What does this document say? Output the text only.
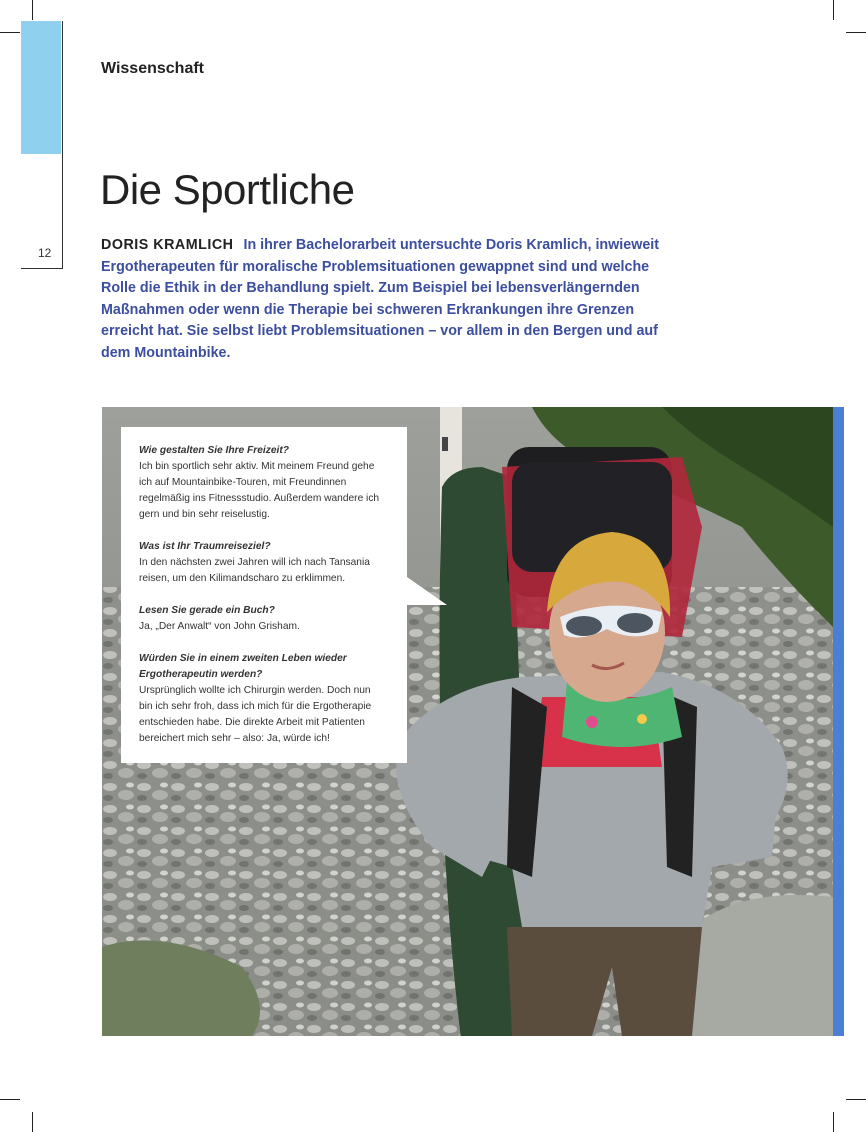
12
Wissenschaft
Die Sportliche
DORIS KRAMLICH In ihrer Bachelorarbeit untersuchte Doris Kramlich, inwieweit Ergotherapeuten für moralische Problemsituationen gewappnet sind und welche Rolle die Ethik in der Behandlung spielt. Zum Beispiel bei lebensverlängernden Maßnahmen oder wenn die Therapie bei schweren Erkrankungen ihre Grenzen erreicht hat. Sie selbst liebt Problemsituationen – vor allem in den Bergen und auf dem Mountainbike.
Wie gestalten Sie Ihre Freizeit?
Ich bin sportlich sehr aktiv. Mit meinem Freund gehe ich auf Mountainbike-Touren, mit Freundinnen regelmäßig ins Fitnessstudio. Außerdem wandere ich gern und bin sehr reiselustig.
Was ist Ihr Traumreiseziel?
In den nächsten zwei Jahren will ich nach Tansania reisen, um den Kilimandscharo zu erklimmen.
Lesen Sie gerade ein Buch?
Ja, „Der Anwalt“ von John Grisham.
Würden Sie in einem zweiten Leben wieder Ergotherapeutin werden?
Ursprünglich wollte ich Chirurgin werden. Doch nun bin ich sehr froh, dass ich mich für die Ergotherapie entschieden habe. Die direkte Arbeit mit Patienten bereichert mich sehr – also: Ja, würde ich!
